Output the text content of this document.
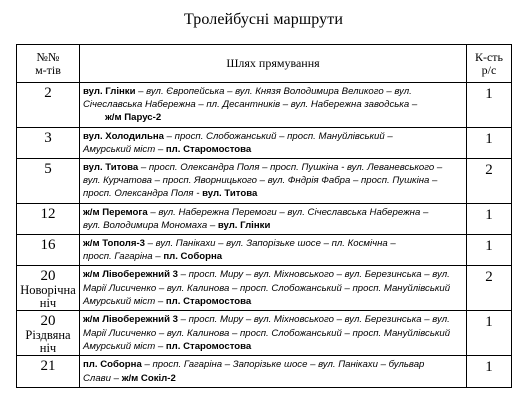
Тролейбусні маршрути
№№
м-тів	Шлях прямування	К-сть
р/с

2	вул. Глінки – вул. Європейська – вул. Князя Володимира Великого – вул.
Січеславська Набережна – пл. Десантників – вул. Набережна заводська –
ж/м Парус-2	1

3	вул. Холодильна – просп. Слобожанський – просп. Мануйлівський –
Амурський міст – пл. Старомостова	1

5	вул. Титова – просп. Олександра Поля – просп. Пушкіна - вул. Леваневського –
вул. Курчатова – просп. Яворницького – вул. Фндрія Фабра – просп. Пушкіна –
просп. Олександра Поля - вул. Титова	2

12	ж/м Перемога – вул. Набережна Перемоги – вул. Січеславська Набережна –
вул. Володимира Мономаха – вул. Глінки	1

16	ж/м Тополя-3 – вул. Панікахи – вул. Запорізьке шосе – пл. Космічна –
просп. Гагаріна – пл. Соборна	1

20
Новорічна ніч	ж/м Лівобережний 3 – просп. Миру – вул. Міхновського – вул. Березинська – вул.
Марії Лисиченко – вул. Калинова – просп. Слобожанський – просп. Мануйлівський
Амурський міст – пл. Старомостова	2

20
Різдвяна ніч	ж/м Лівобережний 3 – просп. Миру – вул. Міхновського – вул. Березинська – вул.
Марії Лисиченко – вул. Калинова – просп. Слобожанський – просп. Мануйлівський
Амурський міст – пл. Старомостова	1

21	пл. Соборна – просп. Гагаріна – Запорізьке шосе – вул. Панікахи – бульвар
Слави – ж/м Сокіл-2	1
